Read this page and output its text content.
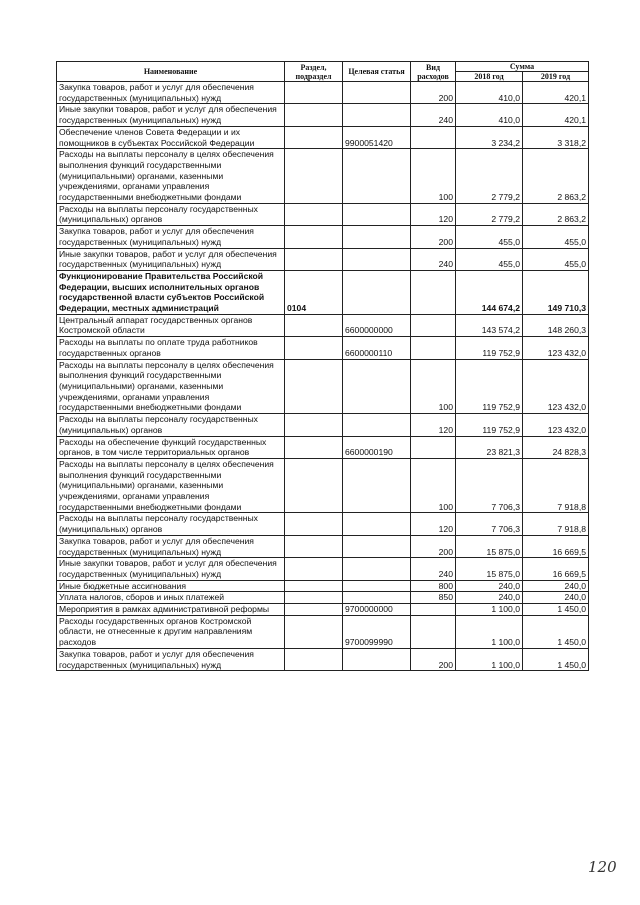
Наименование	Раздел, подраздел	Целевая статья	Вид расходов	Сумма	
				2018 год	2019 год
Закупка товаров, работ и услуг для обеспечения государственных (муниципальных) нужд			200	410,0	420,1
Иные закупки товаров, работ и услуг для обеспечения государственных (муниципальных) нужд			240	410,0	420,1
Обеспечение членов Совета Федерации и их помощников в субъектах Российской Федерации		9900051420		3 234,2	3 318,2
Расходы на выплаты персоналу в целях обеспечения выполнения функций государственными (муниципальными) органами, казенными учреждениями, органами управления государственными внебюджетными фондами			100	2 779,2	2 863,2
Расходы на выплаты персоналу государственных (муниципальных) органов			120	2 779,2	2 863,2
Закупка товаров, работ и услуг для обеспечения государственных (муниципальных) нужд			200	455,0	455,0
Иные закупки товаров, работ и услуг для обеспечения государственных (муниципальных) нужд			240	455,0	455,0
Функционирование Правительства Российской Федерации, высших исполнительных органов государственной власти субъектов Российской Федерации, местных администраций	0104			144 674,2	149 710,3
Центральный аппарат государственных органов Костромской области		6600000000		143 574,2	148 260,3
Расходы на выплаты по оплате труда работников государственных органов		6600000110		119 752,9	123 432,0
Расходы на выплаты персоналу в целях обеспечения выполнения функций государственными (муниципальными) органами, казенными учреждениями, органами управления государственными внебюджетными фондами			100	119 752,9	123 432,0
Расходы на выплаты персоналу государственных (муниципальных) органов			120	119 752,9	123 432,0
Расходы на обеспечение функций государственных органов, в том числе территориальных органов		6600000190		23 821,3	24 828,3
Расходы на выплаты персоналу в целях обеспечения выполнения функций государственными (муниципальными) органами, казенными учреждениями, органами управления государственными внебюджетными фондами			100	7 706,3	7 918,8
Расходы на выплаты персоналу государственных (муниципальных) органов			120	7 706,3	7 918,8
Закупка товаров, работ и услуг для обеспечения государственных (муниципальных) нужд			200	15 875,0	16 669,5
Иные закупки товаров, работ и услуг для обеспечения государственных (муниципальных) нужд			240	15 875,0	16 669,5
Иные бюджетные ассигнования			800	240,0	240,0
Уплата налогов, сборов и иных платежей			850	240,0	240,0
Мероприятия в рамках административной реформы		9700000000		1 100,0	1 450,0
Расходы государственных органов Костромской области, не отнесенные к другим направлениям расходов		9700099990		1 100,0	1 450,0
Закупка товаров, работ и услуг для обеспечения государственных (муниципальных) нужд			200	1 100,0	1 450,0
120
